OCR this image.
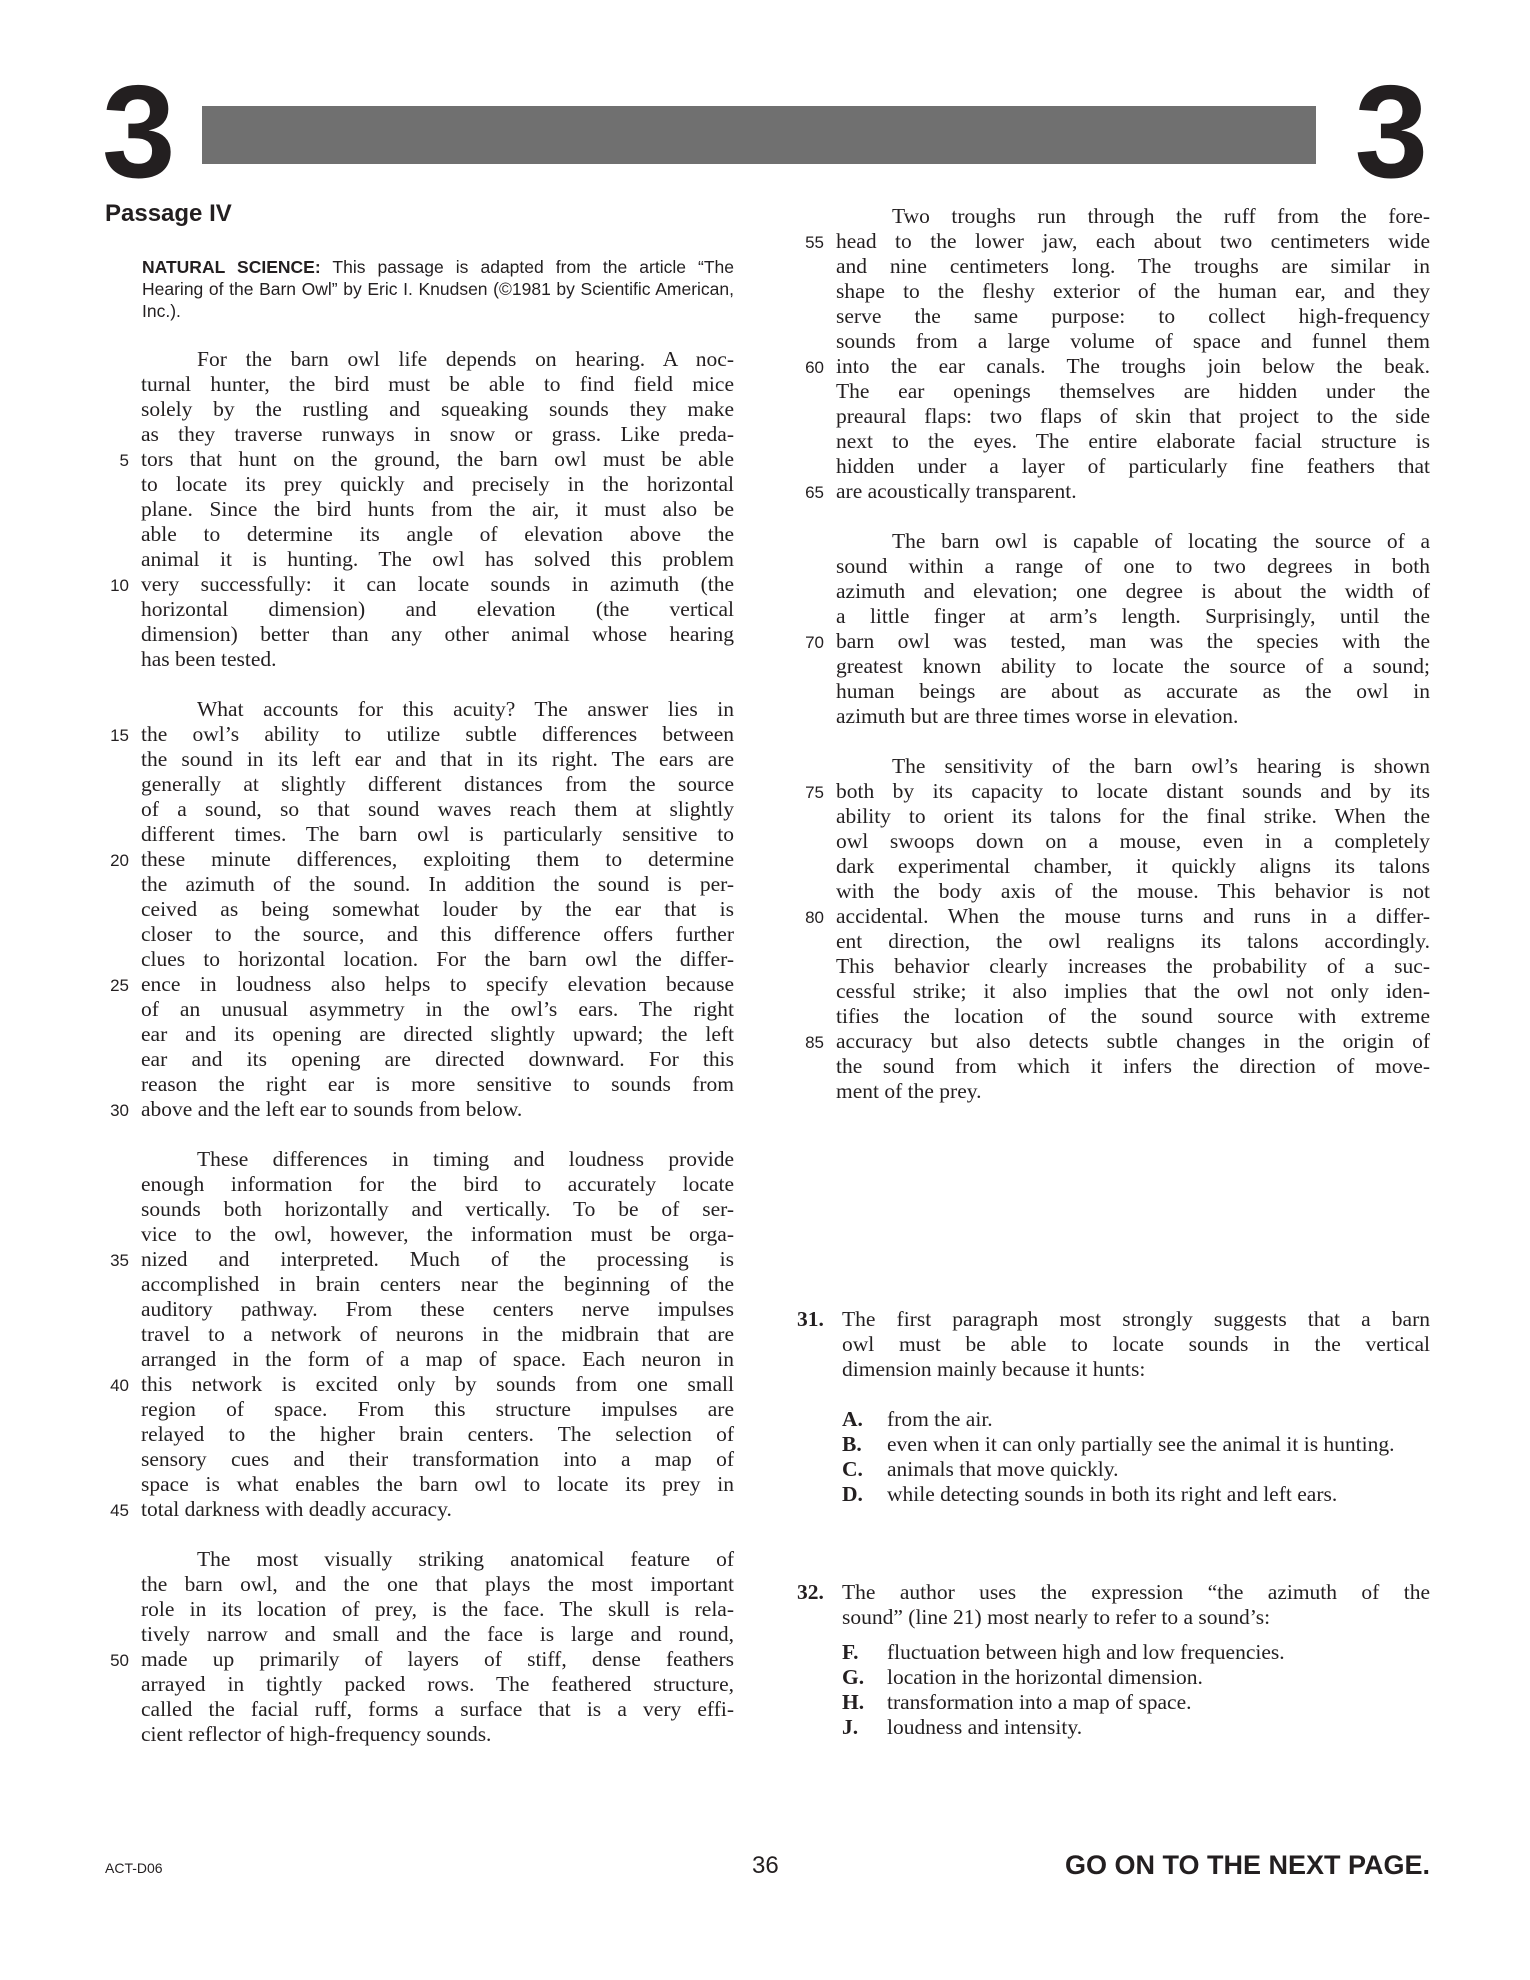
3	3
Passage IV
NATURAL SCIENCE: This passage is adapted from the article “The Hearing of the Barn Owl” by Eric I. Knudsen (©1981 by Scientific American, Inc.).
For the barn owl life depends on hearing. A noc-
turnal hunter, the bird must be able to find field mice
solely by the rustling and squeaking sounds they make
as they traverse runways in snow or grass. Like preda-
5 tors that hunt on the ground, the barn owl must be able
to locate its prey quickly and precisely in the horizontal
plane. Since the bird hunts from the air, it must also be
able to determine its angle of elevation above the
animal it is hunting. The owl has solved this problem
10 very successfully: it can locate sounds in azimuth (the
horizontal dimension) and elevation (the vertical
dimension) better than any other animal whose hearing
has been tested.
What accounts for this acuity? The answer lies in
15 the owl’s ability to utilize subtle differences between
the sound in its left ear and that in its right. The ears are
generally at slightly different distances from the source
of a sound, so that sound waves reach them at slightly
different times. The barn owl is particularly sensitive to
20 these minute differences, exploiting them to determine
the azimuth of the sound. In addition the sound is per-
ceived as being somewhat louder by the ear that is
closer to the source, and this difference offers further
clues to horizontal location. For the barn owl the differ-
25 ence in loudness also helps to specify elevation because
of an unusual asymmetry in the owl’s ears. The right
ear and its opening are directed slightly upward; the left
ear and its opening are directed downward. For this
reason the right ear is more sensitive to sounds from
30 above and the left ear to sounds from below.
These differences in timing and loudness provide
enough information for the bird to accurately locate
sounds both horizontally and vertically. To be of ser-
vice to the owl, however, the information must be orga-
35 nized and interpreted. Much of the processing is
accomplished in brain centers near the beginning of the
auditory pathway. From these centers nerve impulses
travel to a network of neurons in the midbrain that are
arranged in the form of a map of space. Each neuron in
40 this network is excited only by sounds from one small
region of space. From this structure impulses are
relayed to the higher brain centers. The selection of
sensory cues and their transformation into a map of
space is what enables the barn owl to locate its prey in
45 total darkness with deadly accuracy.
The most visually striking anatomical feature of
the barn owl, and the one that plays the most important
role in its location of prey, is the face. The skull is rela-
tively narrow and small and the face is large and round,
50 made up primarily of layers of stiff, dense feathers
arrayed in tightly packed rows. The feathered structure,
called the facial ruff, forms a surface that is a very effi-
cient reflector of high-frequency sounds.
Two troughs run through the ruff from the fore-
55 head to the lower jaw, each about two centimeters wide
and nine centimeters long. The troughs are similar in
shape to the fleshy exterior of the human ear, and they
serve the same purpose: to collect high-frequency
sounds from a large volume of space and funnel them
60 into the ear canals. The troughs join below the beak.
The ear openings themselves are hidden under the
preaural flaps: two flaps of skin that project to the side
next to the eyes. The entire elaborate facial structure is
hidden under a layer of particularly fine feathers that
65 are acoustically transparent.
The barn owl is capable of locating the source of a
sound within a range of one to two degrees in both
azimuth and elevation; one degree is about the width of
a little finger at arm’s length. Surprisingly, until the
70 barn owl was tested, man was the species with the
greatest known ability to locate the source of a sound;
human beings are about as accurate as the owl in
azimuth but are three times worse in elevation.
The sensitivity of the barn owl’s hearing is shown
75 both by its capacity to locate distant sounds and by its
ability to orient its talons for the final strike. When the
owl swoops down on a mouse, even in a completely
dark experimental chamber, it quickly aligns its talons
with the body axis of the mouse. This behavior is not
80 accidental. When the mouse turns and runs in a differ-
ent direction, the owl realigns its talons accordingly.
This behavior clearly increases the probability of a suc-
cessful strike; it also implies that the owl not only iden-
tifies the location of the sound source with extreme
85 accuracy but also detects subtle changes in the origin of
the sound from which it infers the direction of move-
ment of the prey.
31. The first paragraph most strongly suggests that a barn
owl must be able to locate sounds in the vertical
dimension mainly because it hunts:
A. from the air.
B. even when it can only partially see the animal it is hunting.
C. animals that move quickly.
D. while detecting sounds in both its right and left ears.
32. The author uses the expression “the azimuth of the
sound” (line 21) most nearly to refer to a sound’s:
F. fluctuation between high and low frequencies.
G. location in the horizontal dimension.
H. transformation into a map of space.
J. loudness and intensity.
ACT-D06	36	GO ON TO THE NEXT PAGE.
